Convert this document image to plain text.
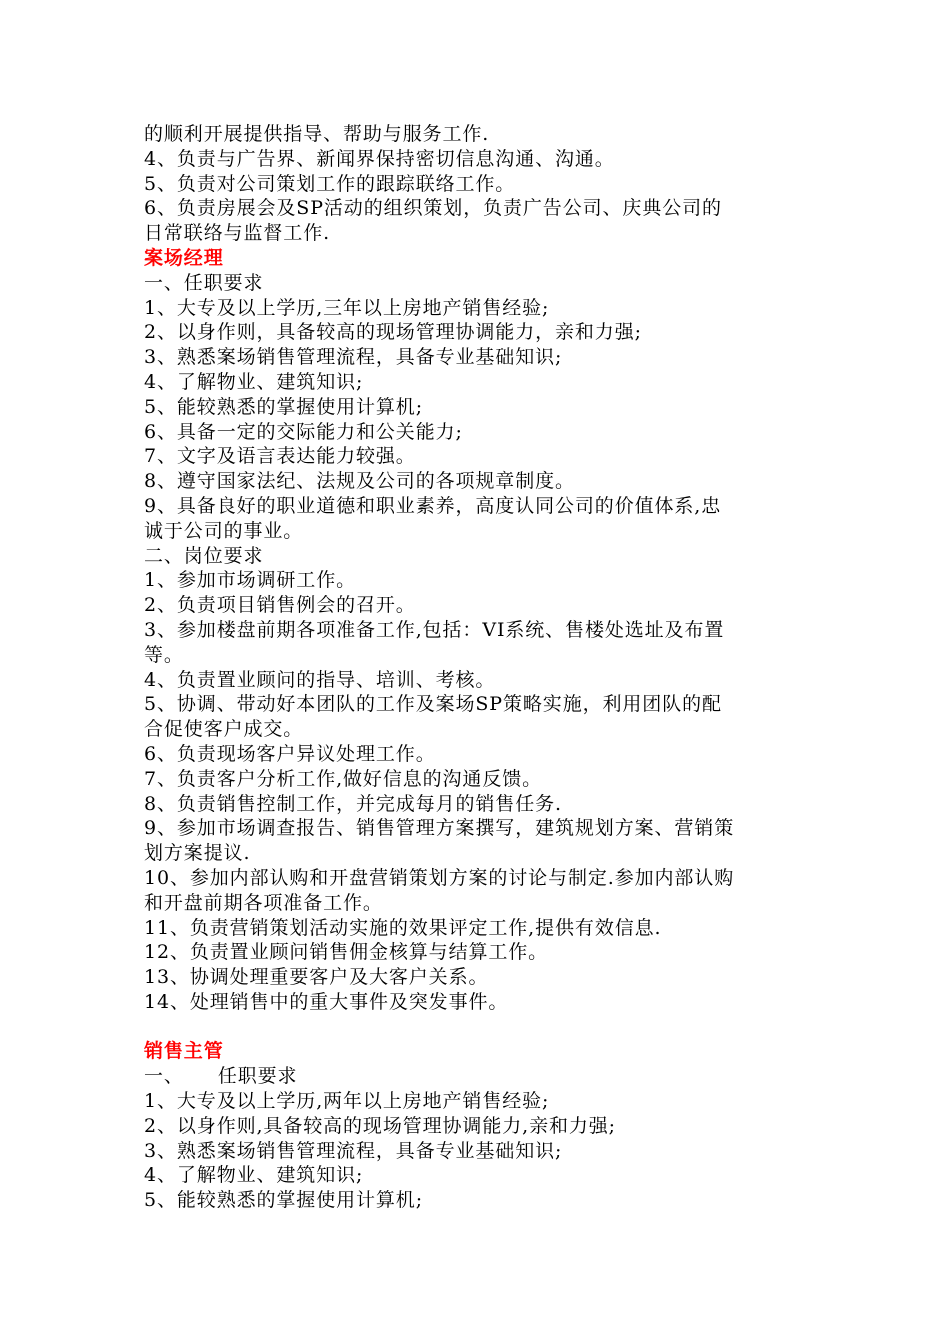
的顺利开展提供指导、帮助与服务工作.
4、负责与广告界、新闻界保持密切信息沟通、沟通。
5、负责对公司策划工作的跟踪联络工作。
6、负责房展会及SP活动的组织策划，负责广告公司、庆典公司的
日常联络与监督工作.
案场经理
一、任职要求
1、大专及以上学历,三年以上房地产销售经验;
2、以身作则，具备较高的现场管理协调能力，亲和力强;
3、熟悉案场销售管理流程，具备专业基础知识;
4、了解物业、建筑知识;
5、能较熟悉的掌握使用计算机;
6、具备一定的交际能力和公关能力;
7、文字及语言表达能力较强。
8、遵守国家法纪、法规及公司的各项规章制度。
9、具备良好的职业道德和职业素养，高度认同公司的价值体系,忠
诚于公司的事业。
二、岗位要求
1、参加市场调研工作。
2、负责项目销售例会的召开。
3、参加楼盘前期各项准备工作,包括：VI系统、售楼处选址及布置
等。
4、负责置业顾问的指导、培训、考核。
5、协调、带动好本团队的工作及案场SP策略实施，利用团队的配
合促使客户成交。
6、负责现场客户异议处理工作。
7、负责客户分析工作,做好信息的沟通反馈。
8、负责销售控制工作，并完成每月的销售任务.
9、参加市场调查报告、销售管理方案撰写，建筑规划方案、营销策
划方案提议.
10、参加内部认购和开盘营销策划方案的讨论与制定.参加内部认购
和开盘前期各项准备工作。
11、负责营销策划活动实施的效果评定工作,提供有效信息.
12、负责置业顾问销售佣金核算与结算工作。
13、协调处理重要客户及大客户关系。
14、处理销售中的重大事件及突发事件。
销售主管
一、 任职要求
1、大专及以上学历,两年以上房地产销售经验;
2、以身作则,具备较高的现场管理协调能力,亲和力强;
3、熟悉案场销售管理流程，具备专业基础知识;
4、了解物业、建筑知识;
5、能较熟悉的掌握使用计算机;
